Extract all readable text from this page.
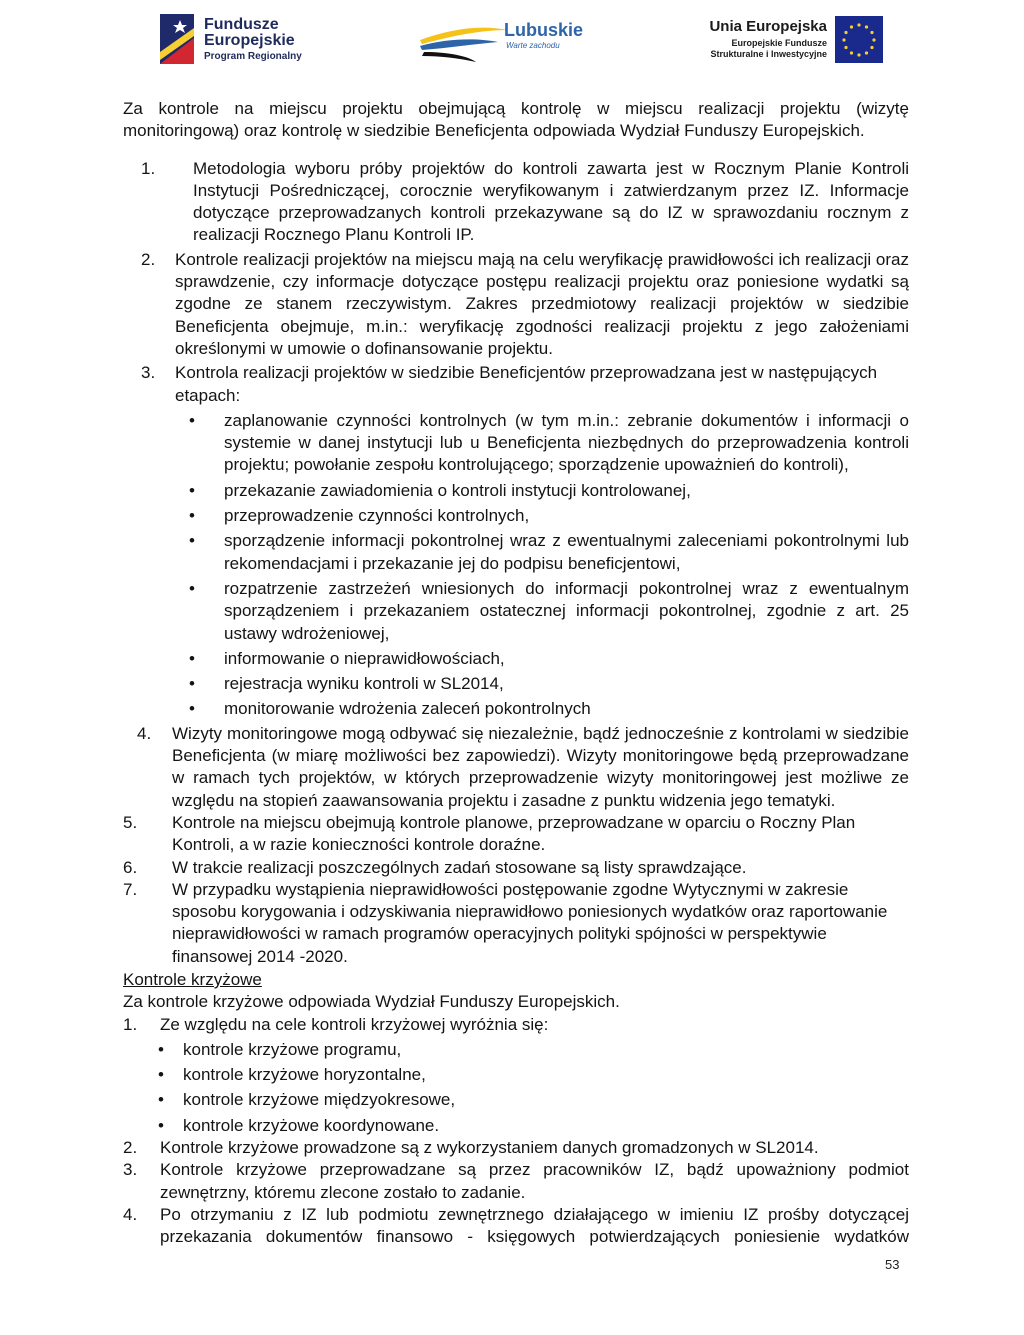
Fundusze
Europejskie
Program Regionalny
Lubuskie
Warte zachodu
Unia Europejska
Europejskie Fundusze
Strukturalne i Inwestycyjne

Za kontrole na miejscu projektu obejmującą kontrolę w miejscu realizacji projektu (wizytę monitoringową) oraz kontrolę w siedzibie Beneficjenta odpowiada Wydział Funduszy Europejskich.

1.	Metodologia wyboru próby projektów do kontroli zawarta jest w Rocznym Planie Kontroli Instytucji Pośredniczącej, corocznie weryfikowanym i zatwierdzanym przez IZ. Informacje dotyczące przeprowadzanych kontroli przekazywane są do IZ w sprawozdaniu rocznym z realizacji Rocznego Planu Kontroli IP.
2.	Kontrole realizacji projektów na miejscu mają na celu weryfikację prawidłowości ich realizacji oraz sprawdzenie, czy informacje dotyczące postępu realizacji projektu oraz poniesione wydatki są zgodne ze stanem rzeczywistym. Zakres przedmiotowy realizacji projektów w siedzibie Beneficjenta obejmuje, m.in.: weryfikację zgodności realizacji projektu z jego założeniami określonymi w umowie o dofinansowanie projektu.
3.	Kontrola realizacji projektów w siedzibie Beneficjentów przeprowadzana jest w następujących etapach:
•	zaplanowanie czynności kontrolnych (w tym m.in.: zebranie dokumentów i informacji o systemie w danej instytucji lub u Beneficjenta niezbędnych do przeprowadzenia kontroli projektu; powołanie zespołu kontrolującego; sporządzenie upoważnień do kontroli),
•	przekazanie zawiadomienia o kontroli instytucji kontrolowanej,
•	przeprowadzenie czynności kontrolnych,
•	sporządzenie informacji pokontrolnej wraz z ewentualnymi zaleceniami pokontrolnymi lub rekomendacjami i przekazanie jej do podpisu beneficjentowi,
•	rozpatrzenie zastrzeżeń wniesionych do informacji pokontrolnej wraz z ewentualnym sporządzeniem i przekazaniem ostatecznej informacji pokontrolnej, zgodnie z art. 25 ustawy wdrożeniowej,
•	informowanie o nieprawidłowościach,
•	rejestracja wyniku kontroli w SL2014,
•	monitorowanie wdrożenia zaleceń pokontrolnych
4.	Wizyty monitoringowe mogą odbywać się niezależnie, bądź jednocześnie z kontrolami w siedzibie Beneficjenta (w miarę możliwości bez zapowiedzi). Wizyty monitoringowe będą przeprowadzane w ramach tych projektów, w których przeprowadzenie wizyty monitoringowej jest możliwe ze względu na stopień zaawansowania projektu i zasadne z punktu widzenia jego tematyki.
5.	Kontrole na miejscu obejmują kontrole planowe, przeprowadzane w oparciu o Roczny Plan Kontroli, a w razie konieczności kontrole doraźne.
6.	W trakcie realizacji poszczególnych zadań stosowane są listy sprawdzające.
7.	W przypadku wystąpienia nieprawidłowości postępowanie zgodne Wytycznymi w zakresie sposobu korygowania i odzyskiwania nieprawidłowo poniesionych wydatków oraz raportowanie nieprawidłowości w ramach programów operacyjnych polityki spójności w perspektywie finansowej 2014 -2020.

Kontrole krzyżowe

Za kontrole krzyżowe odpowiada Wydział Funduszy Europejskich.

1.	Ze względu na cele kontroli krzyżowej wyróżnia się:
•	kontrole krzyżowe programu,
•	kontrole krzyżowe horyzontalne,
•	kontrole krzyżowe międzyokresowe,
•	kontrole krzyżowe koordynowane.
2.	Kontrole krzyżowe prowadzone są z wykorzystaniem danych gromadzonych w SL2014.
3.	Kontrole krzyżowe przeprowadzane są przez pracowników IZ, bądź upoważniony podmiot zewnętrzny, któremu zlecone zostało to zadanie.
4.	Po otrzymaniu z IZ lub podmiotu zewnętrznego działającego w imieniu IZ prośby dotyczącej przekazania dokumentów finansowo - księgowych potwierdzających poniesienie wydatków
53
